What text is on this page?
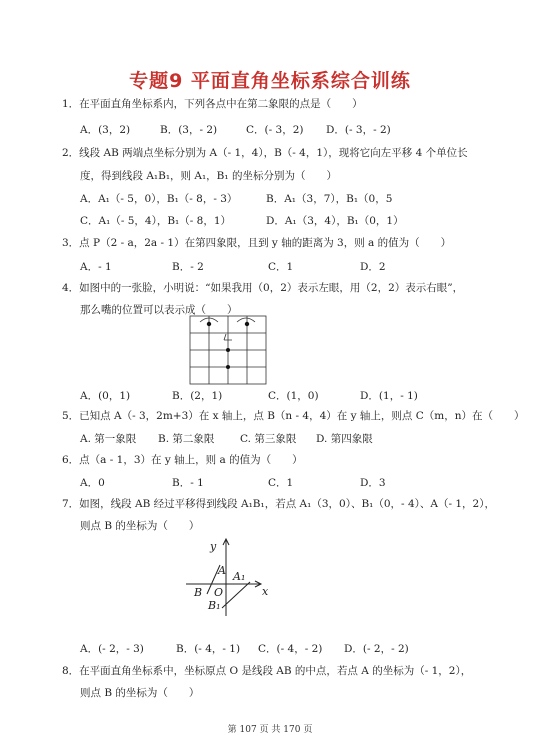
专题9 平面直角坐标系综合训练
1．在平面直角坐标系内，下列各点中在第二象限的点是（　　）
A．(3，2)	B．(3，- 2)	C．(- 3，2) D．(- 3，- 2)
2．线段 AB 两端点坐标分别为 A（- 1，4），B（- 4，1），现将它向左平移 4 个单位长
度，得到线段 A₁B₁，则 A₁，B₁ 的坐标分别为（　　）
A．A₁（- 5，0），B₁（- 8，- 3）	B．A₁（3，7），B₁（0，5
C．A₁（- 5，4），B₁（- 8，1）	D．A₁（3，4），B₁（0，1）
3．点 P（2 - a，2a - 1）在第四象限，且到 y 轴的距离为 3，则 a 的值为（　　）
A．- 1	B．- 2	C．1	D．2
4．如图中的一张脸，小明说：“如果我用（0，2）表示左眼，用（2，2）表示右眼”，
那么嘴的位置可以表示成（　　）
A．(0，1)	B．(2，1)	C．(1，0)	D．(1，- 1)
5．已知点 A（- 3，2m+3）在 x 轴上，点 B（n - 4，4）在 y 轴上，则点 C（m，n）在（　　）
A. 第一象限 B. 第二象限 C. 第三象限 D. 第四象限
6．点（a - 1，3）在 y 轴上，则 a 的值为（　　）
A．0	B．- 1	C．1	D．3
7．如图，线段 AB 经过平移得到线段 A₁B₁，若点 A₁（3，0）、B₁（0，- 4）、A（- 1，2），
则点 B 的坐标为（　　）
y
x
A A₁
B O
B₁
A．(- 2，- 3)	B．(- 4，- 1) C．(- 4，- 2) D．(- 2，- 2)
8．在平面直角坐标系中，坐标原点 O 是线段 AB 的中点，若点 A 的坐标为（- 1，2），
则点 B 的坐标为（　　）
第 107 页 共 170 页
